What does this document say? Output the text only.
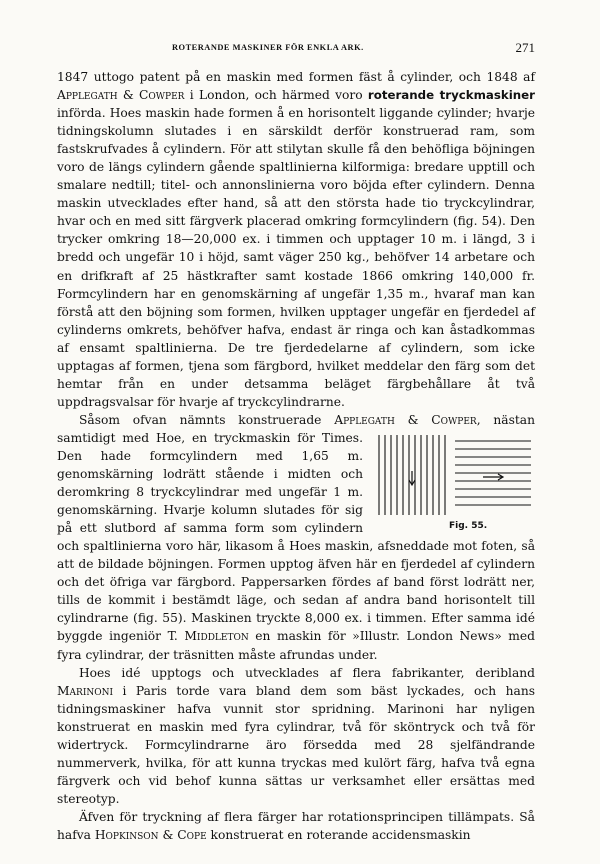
ROTERANDE MASKINER FÖR ENKLA ARK.	271

1847 uttogo patent på en maskin med formen fäst å cylinder, och 1848 af Applegath & Cowper i London, och härmed voro roterande tryckmaskiner införda. Hoes maskin hade formen å en horisontelt liggande cylinder; hvarje tidningskolumn slutades i en särskildt derför konstruerad ram, som fastskrufvades å cylindern. För att stilytan skulle få den behöfliga böjningen voro de längs cylindern gående spaltlinierna kilformiga: bredare upptill och smalare nedtill; titel- och annonslinierna voro böjda efter cylindern. Denna maskin utvecklades efter hand, så att den största hade tio tryckcylindrar, hvar och en med sitt färgverk placerad omkring formcylindern (fig. 54). Den trycker omkring 18—20,000 ex. i timmen och upptager 10 m. i längd, 3 i bredd och ungefär 10 i höjd, samt väger 250 kg., behöfver 14 arbetare och en drifkraft af 25 hästkrafter samt kostade 1866 omkring 140,000 fr. Formcylindern har en genomskärning af ungefär 1,35 m., hvaraf man kan förstå att den böjning som formen, hvilken upptager ungefär en fjerdedel af cylinderns omkrets, behöfver hafva, endast är ringa och kan åstadkommas af ensamt spaltlinierna. De tre fjerdedelarne af cylindern, som icke upptagas af formen, tjena som färgbord, hvilket meddelar den färg som det hemtar från en under detsamma beläget färgbehållare åt två uppdragsvalsar för hvarje af tryckcylindrarne.

Såsom ofvan nämnts konstruerade Applegath & Cowper
Fig. 55.
, nästan samtidigt med Hoe, en tryckmaskin för Times. Den hade formcylindern med 1,65 m. genomskärning lodrätt stående i midten och deromkring 8 tryckcylindrar med ungefär 1 m. genomskärning. Hvarje kolumn slutades för sig på ett slutbord af samma form som cylindern och spaltlinierna voro här, likasom å Hoes maskin, afsneddade mot foten, så att de bildade böjningen. Formen upptog äfven här en fjerdedel af cylindern och det öfriga var färgbord. Pappersarken fördes af band först lodrätt ner, tills de kommit i bestämdt läge, och sedan af andra band horisontelt till cylindrarne (fig. 55). Maskinen tryckte 8,000 ex. i timmen. Efter samma idé byggde ingeniör T. Middleton en maskin för »Illustr. London News» med fyra cylindrar, der träsnitten måste afrundas under.

Hoes idé upptogs och utvecklades af flera fabrikanter, deribland Marinoni i Paris torde vara bland dem som bäst lyckades, och hans tidningsmaskiner hafva vunnit stor spridning. Marinoni har nyligen konstruerat en maskin med fyra cylindrar, två för sköntryck och två för widertryck. Formcylindrarne äro försedda med 28 sjelfändrande nummerverk, hvilka, för att kunna tryckas med kulört färg, hafva två egna färgverk och vid behof kunna sättas ur verksamhet eller ersättas med stereotyp.

Äfven för tryckning af flera färger har rotationsprincipen tillämpats. Så hafva Hopkinson & Cope konstruerat en roterande accidensmaskin
